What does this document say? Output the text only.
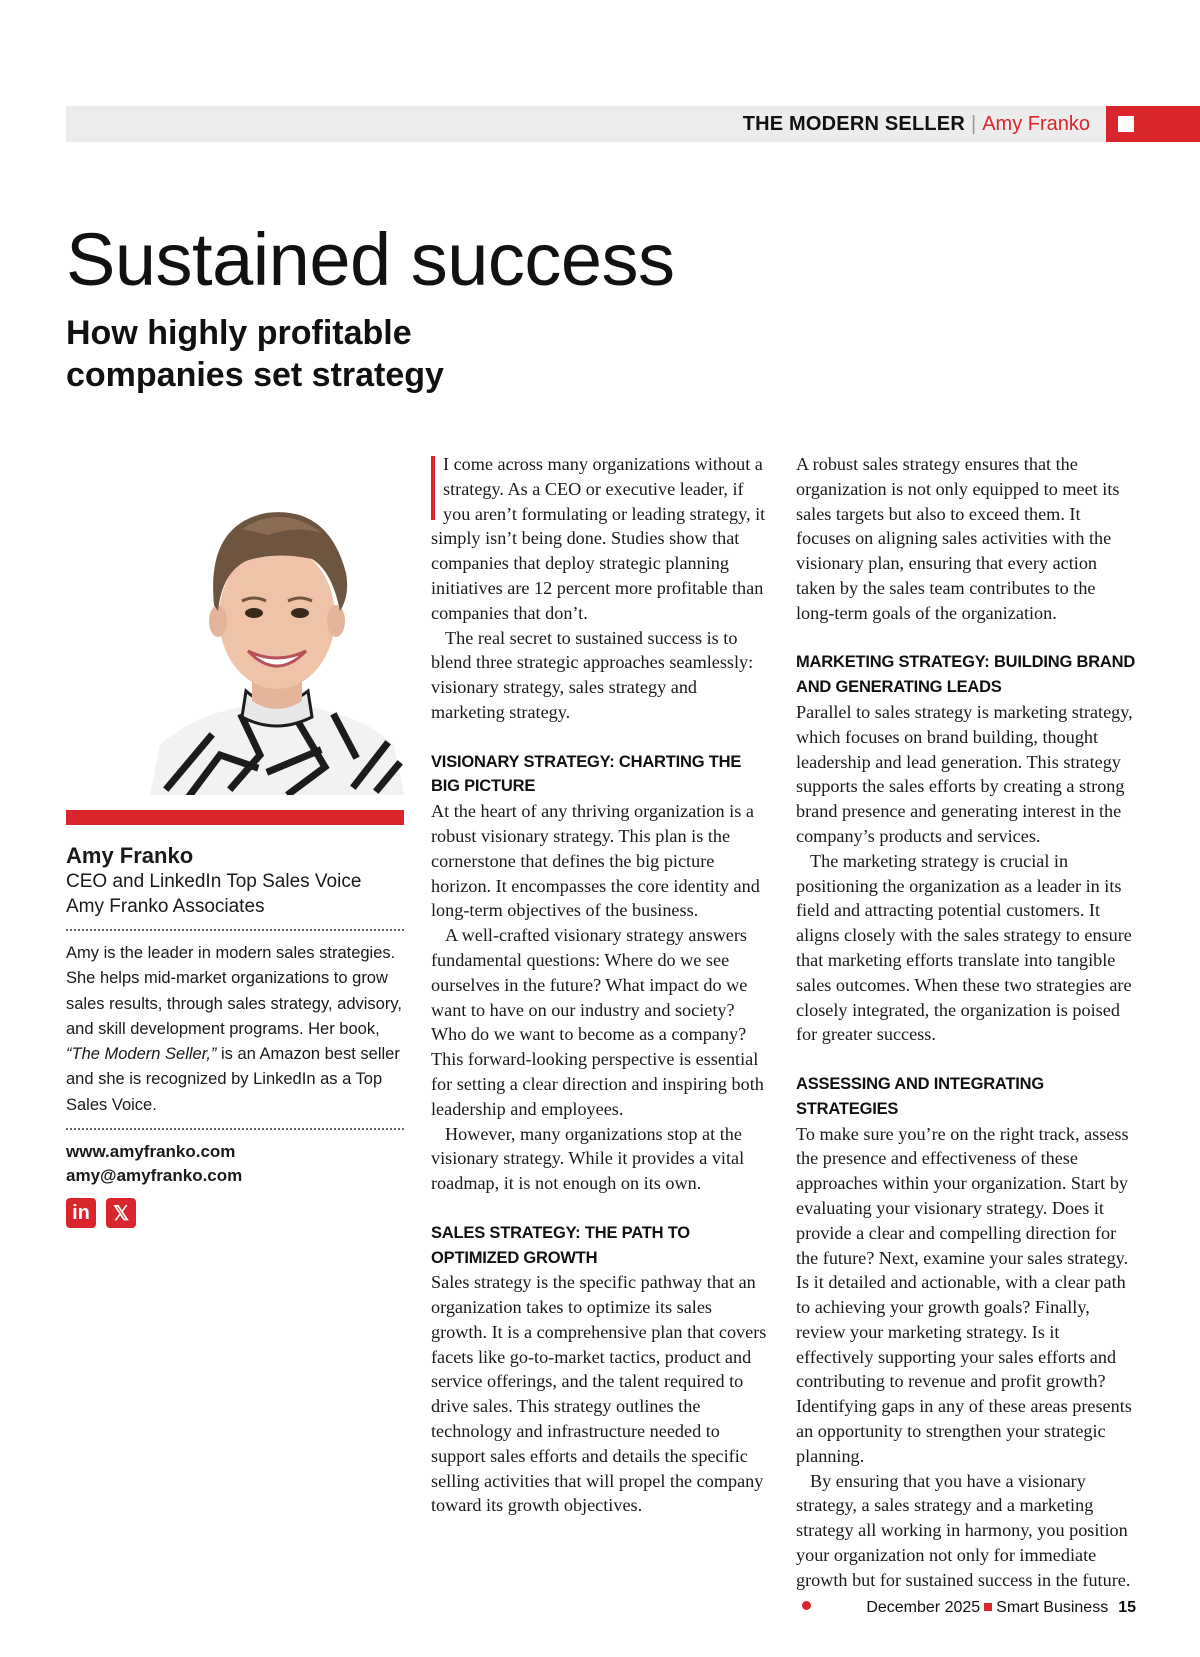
THE MODERN SELLER | Amy Franko
Sustained success
How highly profitable companies set strategy
Amy Franko
CEO and LinkedIn Top Sales Voice
Amy Franko Associates
Amy is the leader in modern sales strategies. She helps mid-market organizations to grow sales results, through sales strategy, advisory, and skill development programs. Her book, “The Modern Seller,” is an Amazon best seller and she is recognized by LinkedIn as a Top Sales Voice.
www.amyfranko.com
amy@amyfranko.com
in	𝕏

I come across many organizations without a strategy. As a CEO or executive leader, if you aren’t formulating or leading strategy, it simply isn’t being done. Studies show that companies that deploy strategic planning initiatives are 12 percent more profitable than companies that don’t.

The real secret to sustained success is to blend three strategic approaches seamlessly: visionary strategy, sales strategy and marketing strategy.

VISIONARY STRATEGY: CHARTING THE BIG PICTURE

At the heart of any thriving organization is a robust visionary strategy. This plan is the cornerstone that defines the big picture horizon. It encompasses the core identity and long-term objectives of the business.

A well-crafted visionary strategy answers fundamental questions: Where do we see ourselves in the future? What impact do we want to have on our industry and society? Who do we want to become as a company? This forward-looking perspective is essential for setting a clear direction and inspiring both leadership and employees.

However, many organizations stop at the visionary strategy. While it provides a vital roadmap, it is not enough on its own.

SALES STRATEGY: THE PATH TO OPTIMIZED GROWTH

Sales strategy is the specific pathway that an organization takes to optimize its sales growth. It is a comprehensive plan that covers facets like go-to-market tactics, product and service offerings, and the talent required to drive sales. This strategy outlines the technology and infrastructure needed to support sales efforts and details the specific selling activities that will propel the company toward its growth objectives.

A robust sales strategy ensures that the organization is not only equipped to meet its sales targets but also to exceed them. It focuses on aligning sales activities with the visionary plan, ensuring that every action taken by the sales team contributes to the long-term goals of the organization.

MARKETING STRATEGY: BUILDING BRAND AND GENERATING LEADS

Parallel to sales strategy is marketing strategy, which focuses on brand building, thought leadership and lead generation. This strategy supports the sales efforts by creating a strong brand presence and generating interest in the company’s products and services.

The marketing strategy is crucial in positioning the organization as a leader in its field and attracting potential customers. It aligns closely with the sales strategy to ensure that marketing efforts translate into tangible sales outcomes. When these two strategies are closely integrated, the organization is poised for greater success.

ASSESSING AND INTEGRATING STRATEGIES

To make sure you’re on the right track, assess the presence and effectiveness of these approaches within your organization. Start by evaluating your visionary strategy. Does it provide a clear and compelling direction for the future? Next, examine your sales strategy. Is it detailed and actionable, with a clear path to achieving your growth goals? Finally, review your marketing strategy. Is it effectively supporting your sales efforts and contributing to revenue and profit growth? Identifying gaps in any of these areas presents an opportunity to strengthen your strategic planning.

By ensuring that you have a visionary strategy, a sales strategy and a marketing strategy all working in harmony, you position your organization not only for immediate growth but for sustained success in the future.

December 2025 Smart Business 15
